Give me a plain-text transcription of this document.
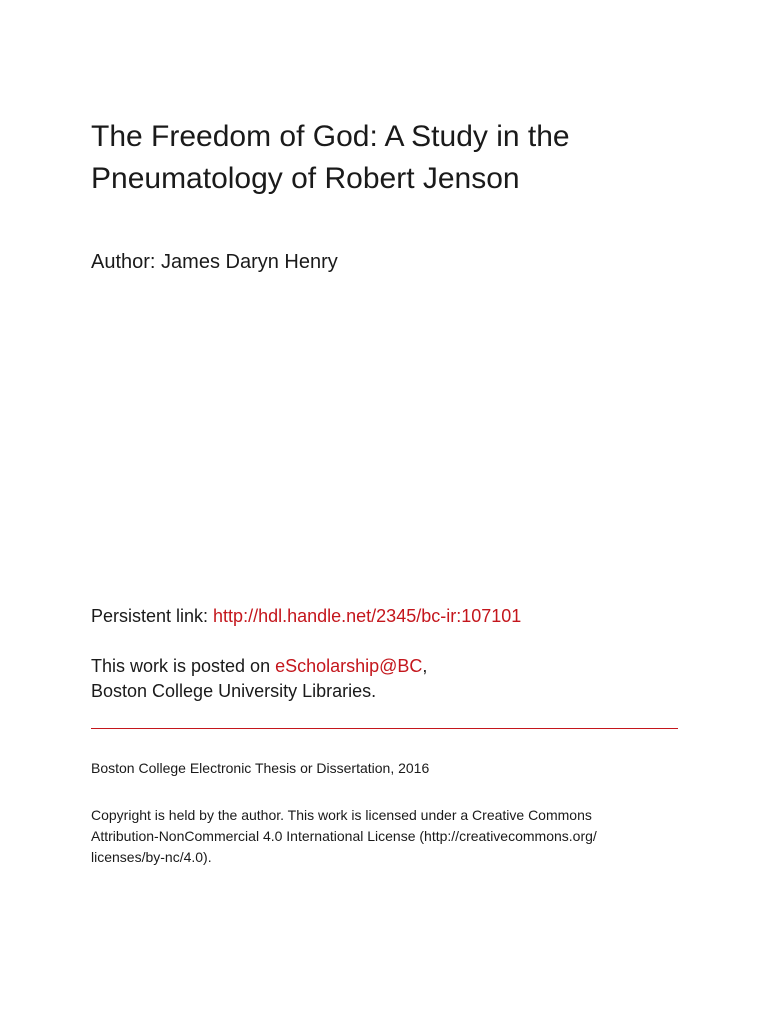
The Freedom of God: A Study in the
Pneumatology of Robert Jenson

Author: James Daryn Henry

Persistent link: http://hdl.handle.net/2345/bc-ir:107101

This work is posted on eScholarship@BC,
Boston College University Libraries.

Boston College Electronic Thesis or Dissertation, 2016

Copyright is held by the author. This work is licensed under a Creative Commons
Attribution-NonCommercial 4.0 International License (http://creativecommons.org/
licenses/by-nc/4.0).
